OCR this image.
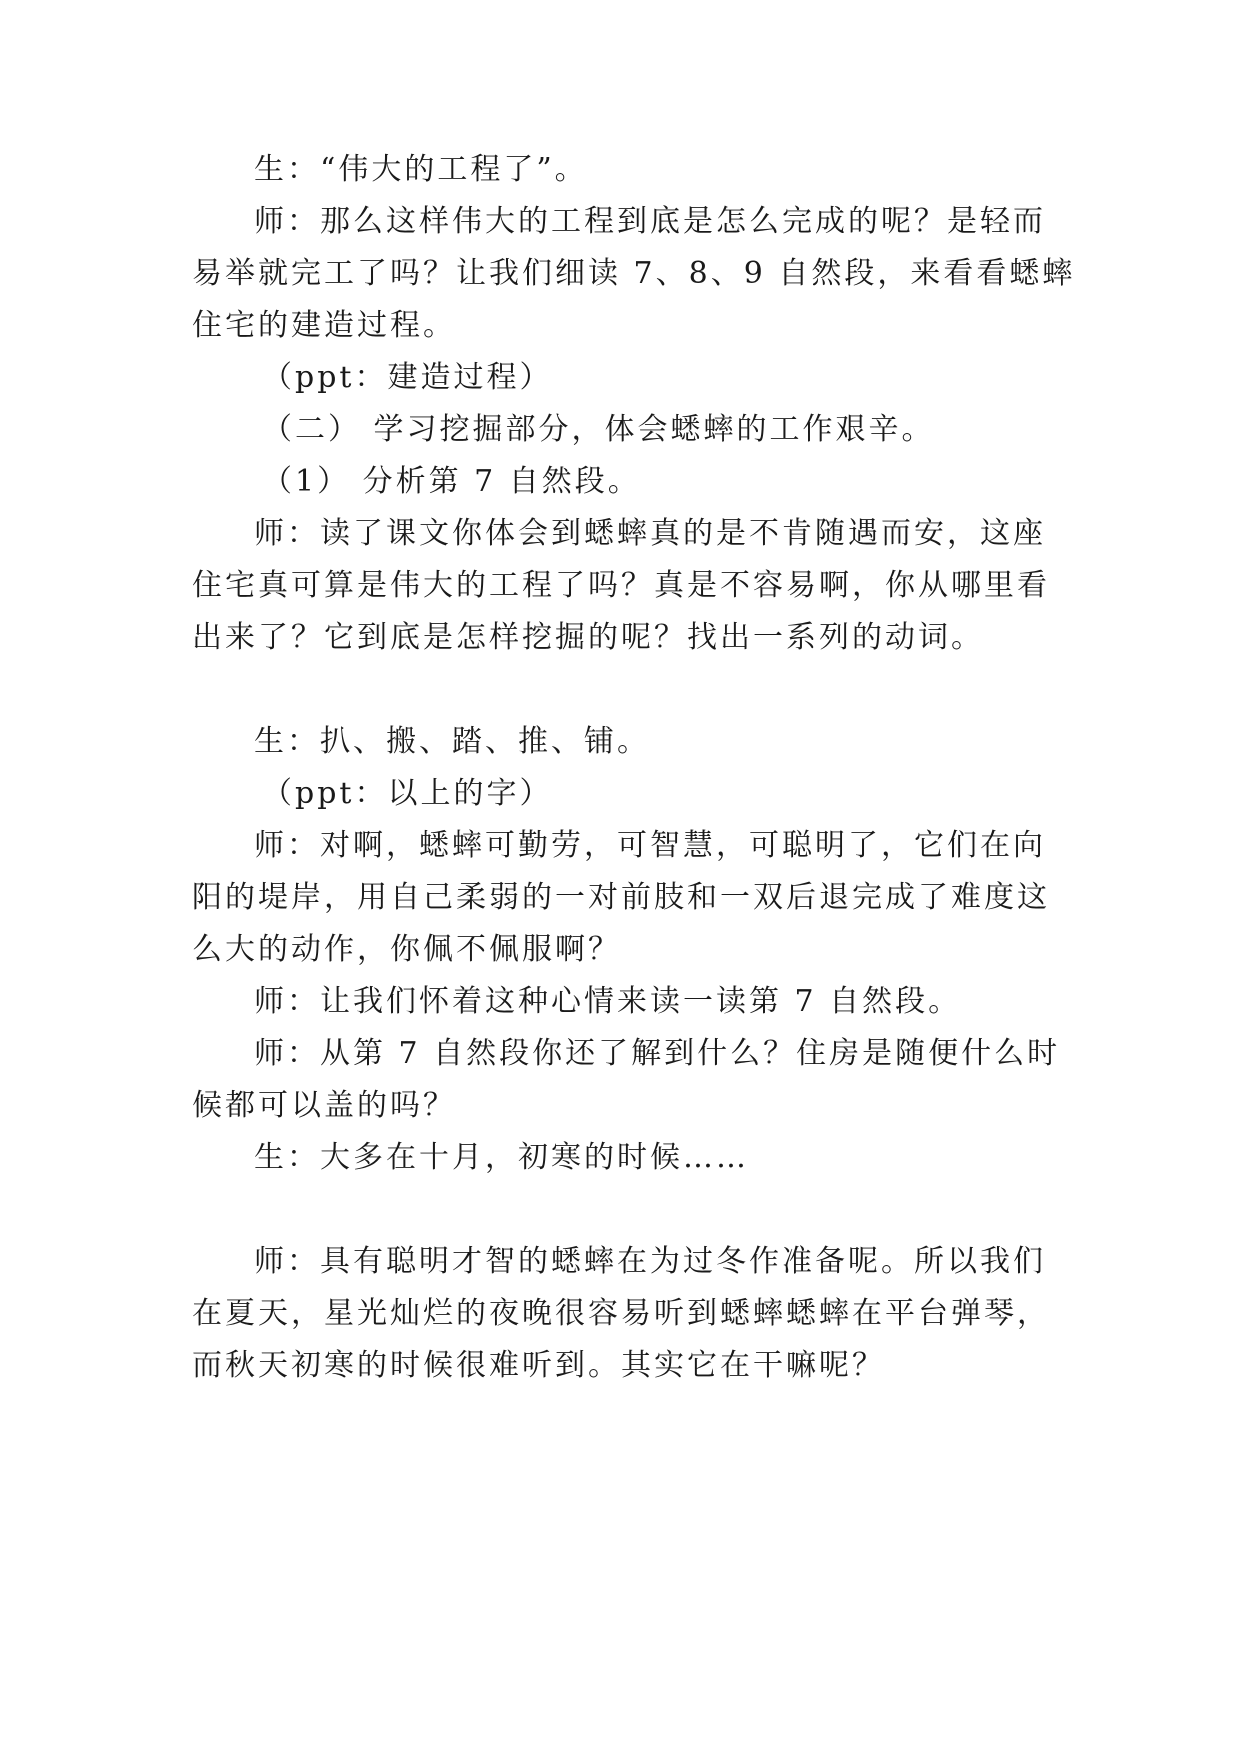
生：“伟大的工程了”。
师：那么这样伟大的工程到底是怎么完成的呢？是轻而
易举就完工了吗？让我们细读 7、8、9 自然段，来看看蟋蟀
住宅的建造过程。
（ppt：建造过程）
（二） 学习挖掘部分，体会蟋蟀的工作艰辛。
（1） 分析第 7 自然段。
师：读了课文你体会到蟋蟀真的是不肯随遇而安，这座
住宅真可算是伟大的工程了吗？真是不容易啊，你从哪里看
出来了？它到底是怎样挖掘的呢？找出一系列的动词。
生：扒、搬、踏、推、铺。
（ppt：以上的字）
师：对啊，蟋蟀可勤劳，可智慧，可聪明了，它们在向
阳的堤岸，用自己柔弱的一对前肢和一双后退完成了难度这
么大的动作，你佩不佩服啊？
师：让我们怀着这种心情来读一读第 7 自然段。
师：从第 7 自然段你还了解到什么？住房是随便什么时
候都可以盖的吗？
生：大多在十月，初寒的时候……
师：具有聪明才智的蟋蟀在为过冬作准备呢。所以我们
在夏天，星光灿烂的夜晚很容易听到蟋蟀蟋蟀在平台弹琴，
而秋天初寒的时候很难听到。其实它在干嘛呢？
